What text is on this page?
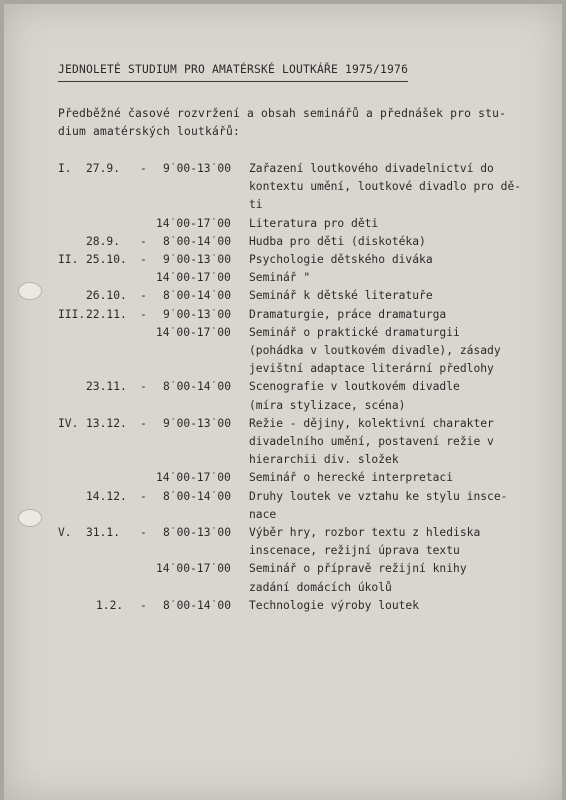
JEDNOLETÉ STUDIUM PRO AMATÉRSKÉ LOUTKÁŘE 1975/1976
Předběžné časové rozvržení a obsah seminářů a přednášek pro stu-
dium amatérských loutkářů:
I. 27.9. - 9˙00-13˙00 Zařazení loutkového divadelnictví do
kontextu umění, loutkové divadlo pro dě-
ti
14˙00-17˙00 Literatura pro děti
28.9. - 8˙00-14˙00 Hudba pro děti (diskotéka)
II. 25.10. - 9˙00-13˙00 Psychologie dětského diváka
14˙00-17˙00 Seminář "
26.10. - 8˙00-14˙00 Seminář k dětské literatuře
III. 22.11. - 9˙00-13˙00 Dramaturgie, práce dramaturga
14˙00-17˙00 Seminář o praktické dramaturgii
(pohádka v loutkovém divadle), zásady
jevištní adaptace literární předlohy
23.11. - 8˙00-14˙00 Scenografie v loutkovém divadle
(míra stylizace, scéna)
IV. 13.12. - 9˙00-13˙00 Režie - dějiny, kolektivní charakter
divadelního umění, postavení režie v
hierarchii div. složek
14˙00-17˙00 Seminář o herecké interpretaci
14.12. - 8˙00-14˙00 Druhy loutek ve vztahu ke stylu insce-
nace
V. 31.1. - 8˙00-13˙00 Výběr hry, rozbor textu z hlediska
inscenace, režijní úprava textu
14˙00-17˙00 Seminář o přípravě režijní knihy
zadání domácích úkolů
1.2. - 8˙00-14˙00 Technologie výroby loutek
